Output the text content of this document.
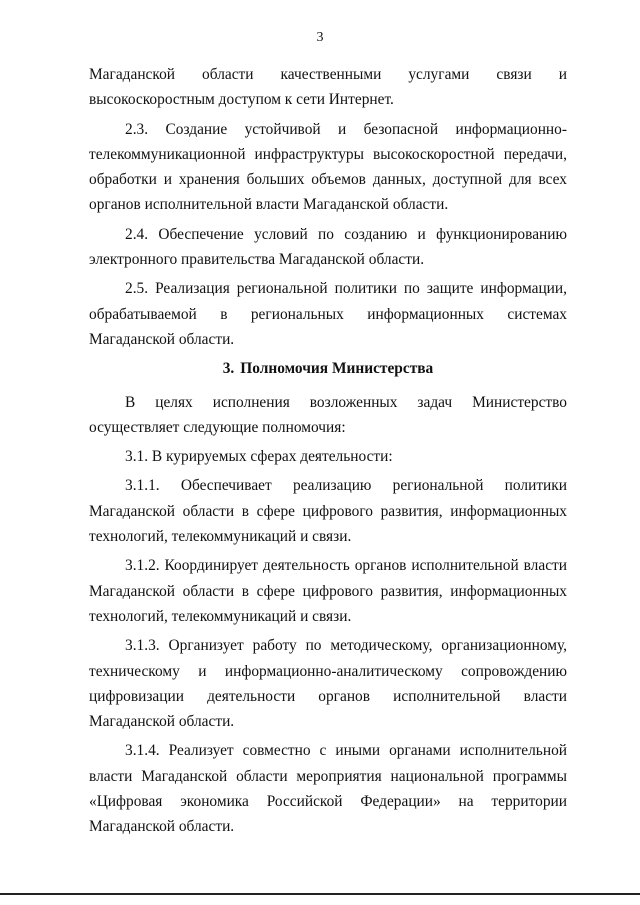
3

Магаданской области качественными услугами связи и высокоскоростным доступом к сети Интернет.

2.3. Создание устойчивой и безопасной информационно-телекоммуникационной инфраструктуры высокоскоростной передачи, обработки и хранения больших объемов данных, доступной для всех органов исполнительной власти Магаданской области.

2.4. Обеспечение условий по созданию и функционированию электронного правительства Магаданской области.

2.5. Реализация региональной политики по защите информации, обрабатываемой в региональных информационных системах Магаданской области.

3. Полномочия Министерства

В целях исполнения возложенных задач Министерство осуществляет следующие полномочия:

3.1. В курируемых сферах деятельности:

3.1.1. Обеспечивает реализацию региональной политики Магаданской области в сфере цифрового развития, информационных технологий, телекоммуникаций и связи.

3.1.2. Координирует деятельность органов исполнительной власти Магаданской области в сфере цифрового развития, информационных технологий, телекоммуникаций и связи.

3.1.3. Организует работу по методическому, организационному, техническому и информационно-аналитическому сопровождению цифровизации деятельности органов исполнительной власти Магаданской области.

3.1.4. Реализует совместно с иными органами исполнительной власти Магаданской области мероприятия национальной программы «Цифровая экономика Российской Федерации» на территории Магаданской области.
